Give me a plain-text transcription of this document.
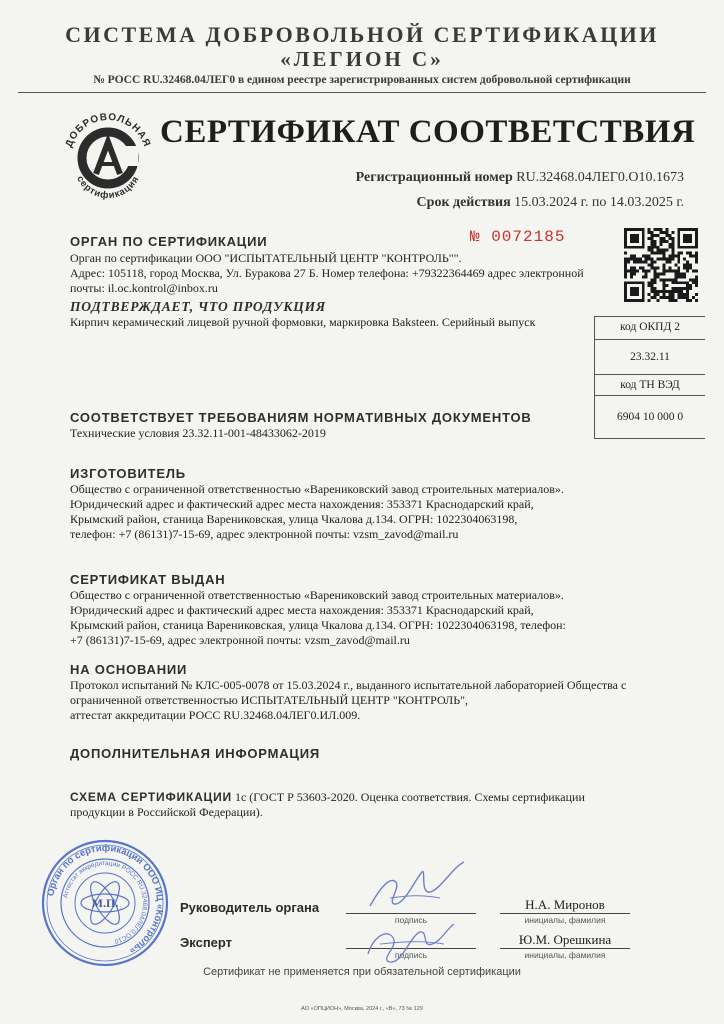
СИСТЕМА ДОБРОВОЛЬНОЙ СЕРТИФИКАЦИИ
«ЛЕГИОН С»
№ РОСС RU.32468.04ЛЕГ0 в едином реестре зарегистрированных систем добровольной сертификации
ДОБРОВОЛЬНАЯ
сертификация
СЕРТИФИКАТ СООТВЕТСТВИЯ
Регистрационный номер RU.32468.04ЛЕГ0.О10.1673
Срок действия 15.03.2024 г. по 14.03.2025 г.
№ 0072185
ОРГАН ПО СЕРТИФИКАЦИИ
Орган по сертификации ООО "ИСПЫТАТЕЛЬНЫЙ ЦЕНТР "КОНТРОЛЬ"".
Адрес: 105118, город Москва, Ул. Буракова 27 Б. Номер телефона: +79322364469 адрес электронной
почты: il.oc.kontrol@inbox.ru
ПОДТВЕРЖДАЕТ, ЧТО ПРОДУКЦИЯ
Кирпич керамический лицевой ручной формовки, маркировка Baksteen. Серийный выпуск	код ОКПД 2
23.32.11
код ТН ВЭД
6904 10 000 0
СООТВЕТСТВУЕТ ТРЕБОВАНИЯМ НОРМАТИВНЫХ ДОКУМЕНТОВ
Технические условия 23.32.11-001-48433062-2019
ИЗГОТОВИТЕЛЬ
Общество с ограниченной ответственностью «Варениковский завод строительных материалов».
Юридический адрес и фактический адрес места нахождения: 353371 Краснодарский край,
Крымский район, станица Варениковская, улица Чкалова д.134. ОГРН: 1022304063198,
телефон: +7 (86131)7-15-69, адрес электронной почты: vzsm_zavod@mail.ru
СЕРТИФИКАТ ВЫДАН
Общество с ограниченной ответственностью «Варениковский завод строительных материалов».
Юридический адрес и фактический адрес места нахождения: 353371 Краснодарский край,
Крымский район, станица Варениковская, улица Чкалова д.134. ОГРН: 1022304063198, телефон:
+7 (86131)7-15-69, адрес электронной почты: vzsm_zavod@mail.ru
НА ОСНОВАНИИ
Протокол испытаний № КЛС-005-0078 от 15.03.2024 г., выданного испытательной лабораторией Общества с
ограниченной ответственностью ИСПЫТАТЕЛЬНЫЙ ЦЕНТР "КОНТРОЛЬ",
аттестат аккредитации РОСС RU.32468.04ЛЕГ0.ИЛ.009.
ДОПОЛНИТЕЛЬНАЯ ИНФОРМАЦИЯ
СХЕМА СЕРТИФИКАЦИИ 1с (ГОСТ Р 53603-2020. Оценка соответствия. Схемы сертификации
продукции в Российской Федерации).
Орган по сертификации ООО ИЦ «Контроль»
Аттестат аккредитации РОСС RU.32468.04ЛЕГ0.ОС10
М.П.	Руководитель органа
подпись
Н.А. Миронов
инициалы, фамилия
Эксперт
подпись
Ю.М. Орешкина
инициалы, фамилия
Сертификат не применяется при обязательной сертификации
АО «ОПЦИОН», Москва, 2024 г., «В», 73 № 129
